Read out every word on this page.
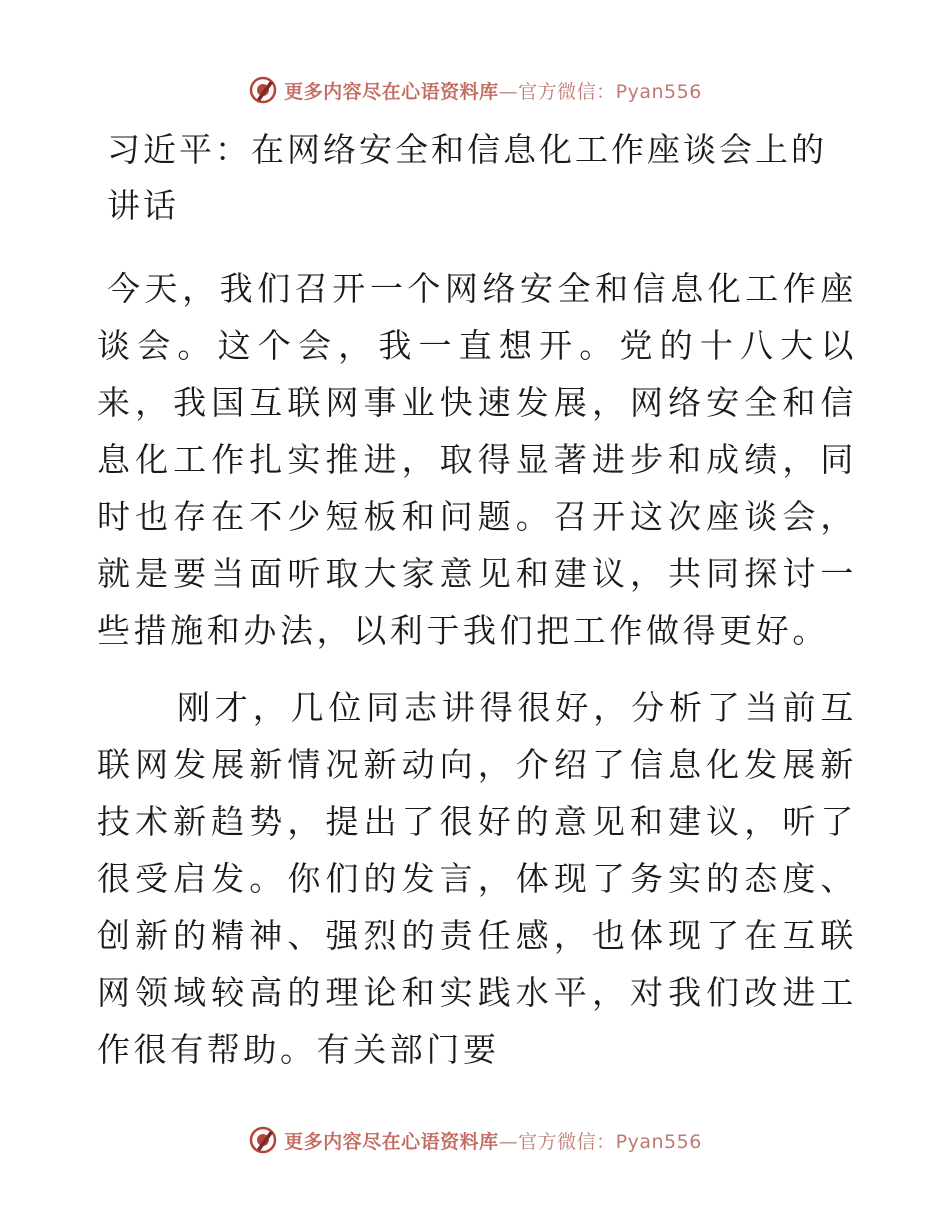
更多内容尽在心语资料库—官方微信：Pyan556
习近平：在网络安全和信息化工作座谈会上的讲话

今天，我们召开一个网络安全和信息化工作座谈会。这个会，我一直想开。党的十八大以来，我国互联网事业快速发展，网络安全和信息化工作扎实推进，取得显著进步和成绩，同时也存在不少短板和问题。召开这次座谈会，就是要当面听取大家意见和建议，共同探讨一些措施和办法，以利于我们把工作做得更好。

刚才，几位同志讲得很好，分析了当前互联网发展新情况新动向，介绍了信息化发展新技术新趋势，提出了很好的意见和建议，听了很受启发。你们的发言，体现了务实的态度、创新的精神、强烈的责任感，也体现了在互联网领域较高的理论和实践水平，对我们改进工作很有帮助。有关部门要

更多内容尽在心语资料库—官方微信：Pyan556
